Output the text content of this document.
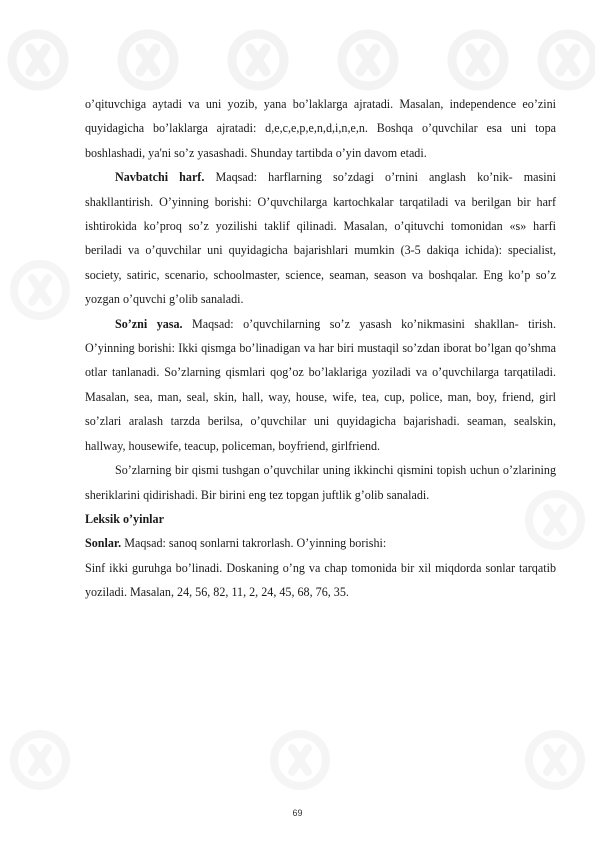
o’qituvchiga aytadi va uni yozib, yana bo’laklarga ajratadi. Masalan, independence eo’zini quyidagicha bo’laklarga ajratadi: d,e,c,e,p,e,n,d,i,n,e,n. Boshqa o’quvchilar esa uni topa boshlashadi, ya'ni so’z yasashadi. Shunday tartibda o’yin davom etadi.

Navbatchi harf. Maqsad: harflarning so’zdagi o’rnini anglash ko’nik- masini shakllantirish. O’yinning borishi: O’quvchilarga kartochkalar tarqatiladi va berilgan bir harf ishtirokida ko’proq so’z yozilishi taklif qilinadi. Masalan, o’qituvchi tomonidan «s» harfi beriladi va o’quvchilar uni quyidagicha bajarishlari mumkin (3-5 dakiqa ichida): specialist, society, satiric, scenario, schoolmaster, science, seaman, season va boshqalar. Eng ko’p so’z yozgan o’quvchi g’olib sanaladi.

So’zni yasa. Maqsad: o’quvchilarning so’z yasash ko’nikmasini shakllan- tirish. O’yinning borishi: Ikki qismga bo’linadigan va har biri mustaqil so’zdan iborat bo’lgan qo’shma otlar tanlanadi. So’zlarning qismlari qog’oz bo’laklariga yoziladi va o’quvchilarga tarqatiladi. Masalan, sea, man, seal, skin, hall, way, house, wife, tea, cup, police, man, boy, friend, girl so’zlari aralash tarzda berilsa, o’quvchilar uni quyidagicha bajarishadi. seaman, sealskin, hallway, housewife, teacup, policeman, boyfriend, girlfriend.

So’zlarning bir qismi tushgan o’quvchilar uning ikkinchi qismini topish uchun o’zlarining sheriklarini qidirishadi. Bir birini eng tez topgan juftlik g’olib sanaladi.

Leksik o’yinlar

Sonlar. Maqsad: sanoq sonlarni takrorlash. O’yinning borishi:

Sinf ikki guruhga bo’linadi. Doskaning o’ng va chap tomonida bir xil miqdorda sonlar tarqatib yoziladi. Masalan, 24, 56, 82, 11, 2, 24, 45, 68, 76, 35.

69
